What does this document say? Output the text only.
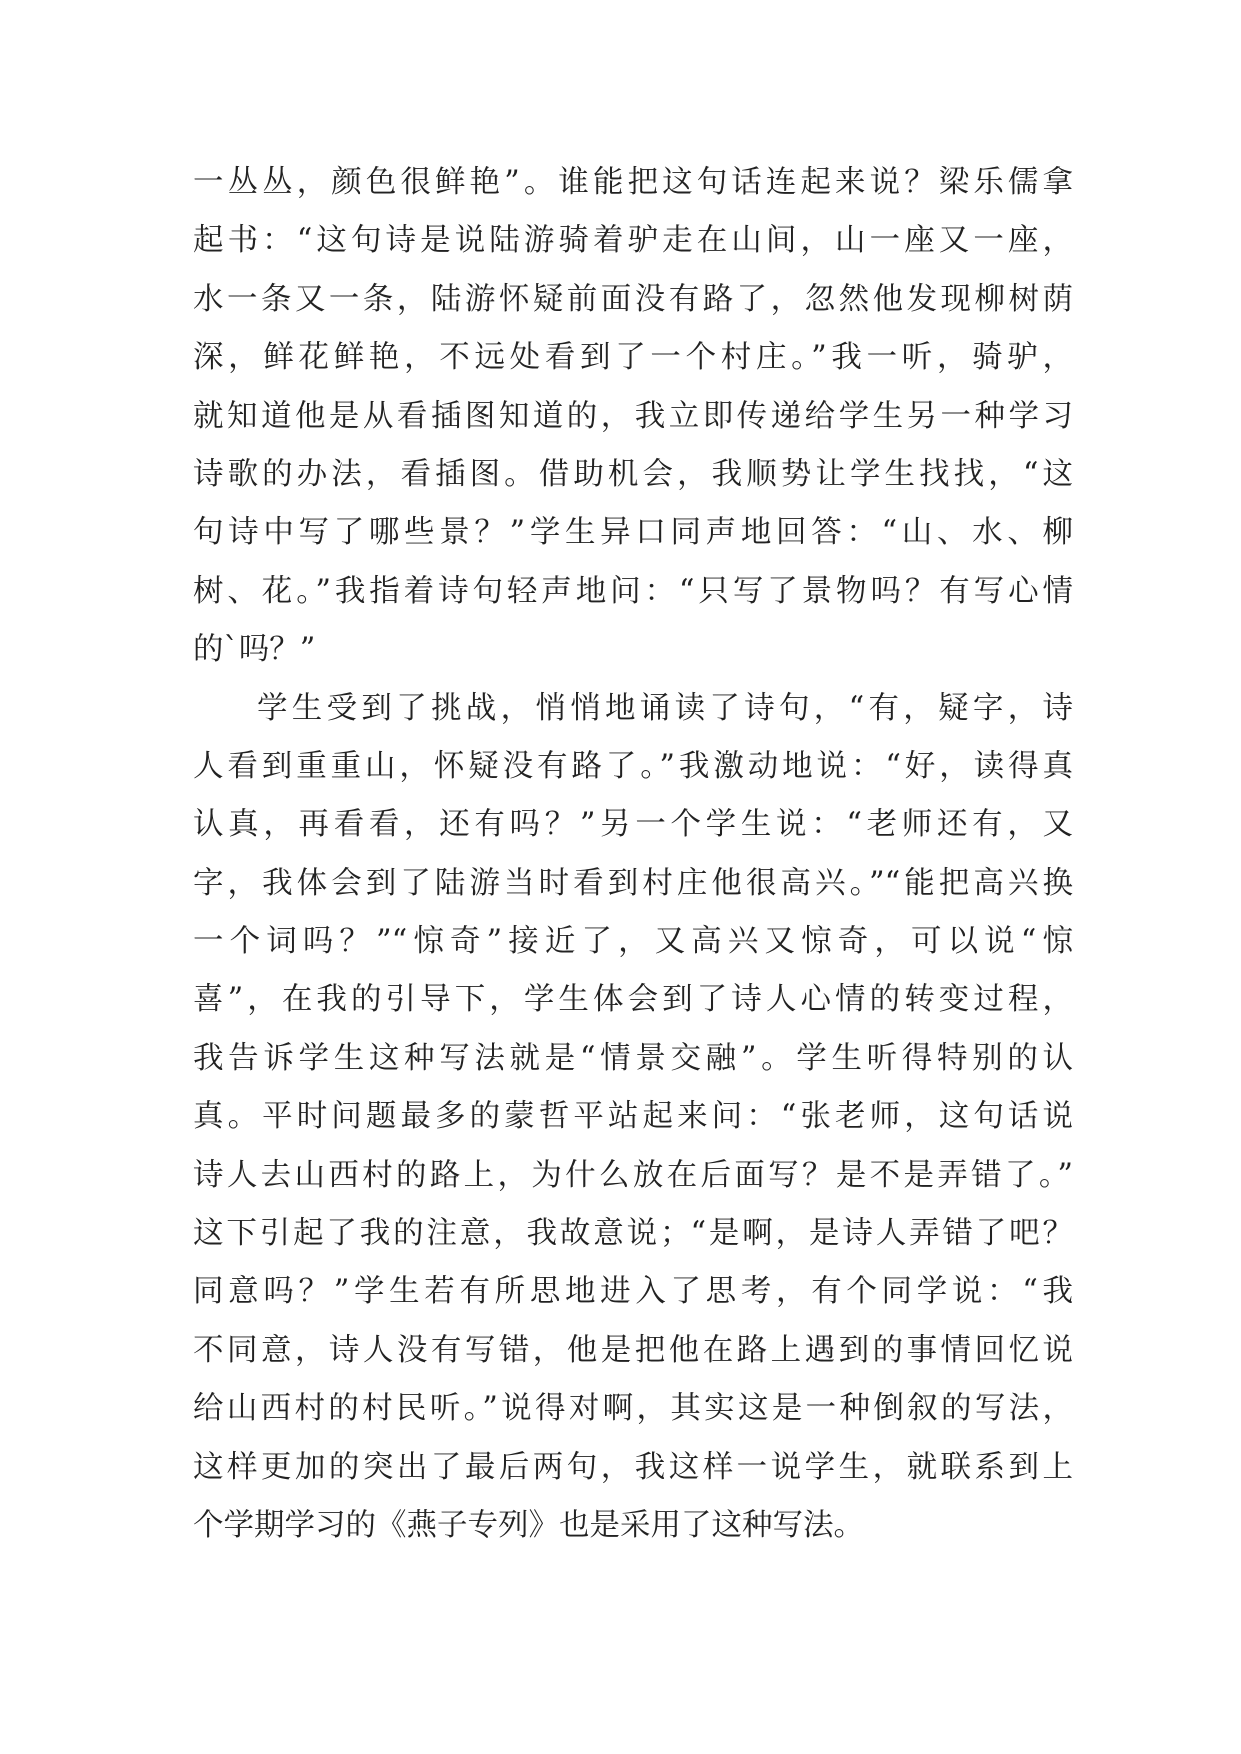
一丛丛，颜色很鲜艳”。谁能把这句话连起来说？梁乐儒拿
起书：“这句诗是说陆游骑着驴走在山间，山一座又一座，
水一条又一条，陆游怀疑前面没有路了，忽然他发现柳树荫
深，鲜花鲜艳，不远处看到了一个村庄。”我一听，骑驴，
就知道他是从看插图知道的，我立即传递给学生另一种学习
诗歌的办法，看插图。借助机会，我顺势让学生找找，“这
句诗中写了哪些景？”学生异口同声地回答：“山、水、柳
树、花。”我指着诗句轻声地问：“只写了景物吗？有写心情
的`吗？”
学生受到了挑战，悄悄地诵读了诗句，“有，疑字，诗
人看到重重山，怀疑没有路了。”我激动地说：“好，读得真
认真，再看看，还有吗？”另一个学生说：“老师还有，又
字，我体会到了陆游当时看到村庄他很高兴。”“能把高兴换
一个词吗？”“惊奇”接近了，又高兴又惊奇，可以说“惊
喜”，在我的引导下，学生体会到了诗人心情的转变过程，
我告诉学生这种写法就是“情景交融”。学生听得特别的认
真。平时问题最多的蒙哲平站起来问：“张老师，这句话说
诗人去山西村的路上，为什么放在后面写？是不是弄错了。”
这下引起了我的注意，我故意说；“是啊，是诗人弄错了吧？
同意吗？”学生若有所思地进入了思考，有个同学说：“我
不同意，诗人没有写错，他是把他在路上遇到的事情回忆说
给山西村的村民听。”说得对啊，其实这是一种倒叙的写法，
这样更加的突出了最后两句，我这样一说学生，就联系到上
个学期学习的《燕子专列》也是采用了这种写法。
